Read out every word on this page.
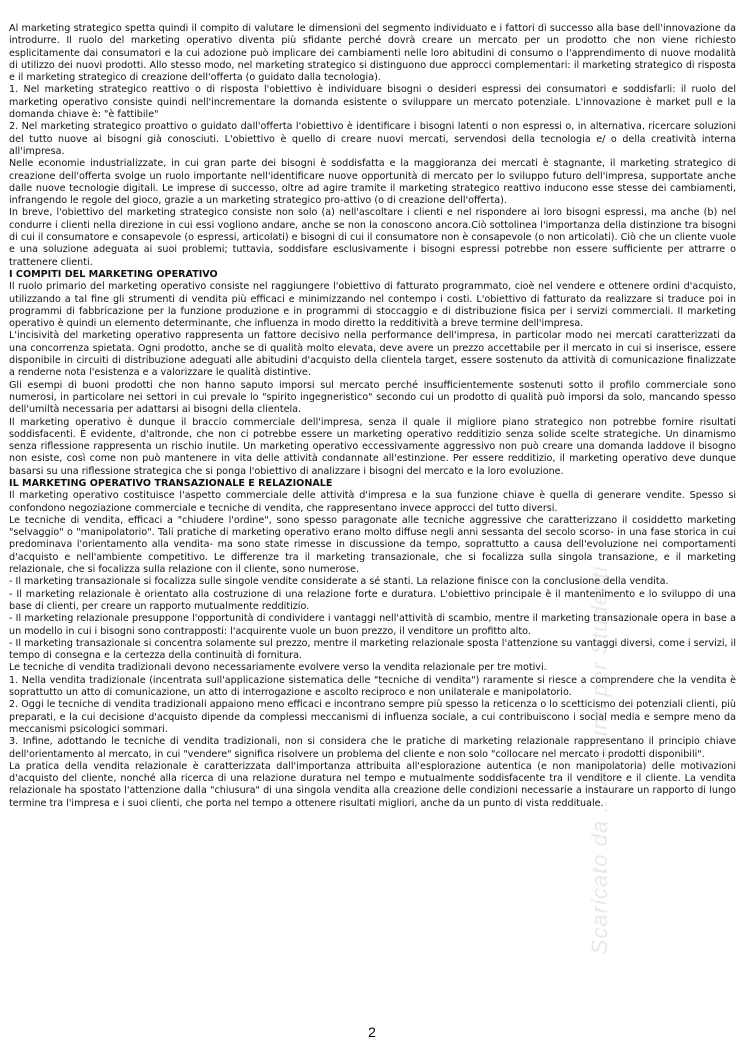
Al marketing strategico spetta quindi il compito di valutare le dimensioni del segmento individuato e i fattori di successo alla base dell'innovazione da introdurre. Il ruolo del marketing operativo diventa più sfidante perché dovrà creare un mercato per un prodotto che non viene richiesto esplicitamente dai consumatori e la cui adozione può implicare dei cambiamenti nelle loro abitudini di consumo o l'apprendimento di nuove modalità di utilizzo dei nuovi prodotti. Allo stesso modo, nel marketing strategico si distinguono due approcci complementari: il marketing strategico di risposta e il marketing strategico di creazione dell'offerta (o guidato dalla tecnologia).

1. Nel marketing strategico reattivo o di risposta l'obiettivo è individuare bisogni o desideri espressi dei consumatori e soddisfarli: il ruolo del marketing operativo consiste quindi nell'incrementare la domanda esistente o sviluppare un mercato potenziale. L'innovazione è market pull e la domanda chiave è: "è fattibile"

2. Nel marketing strategico proattivo o guidato dall'offerta l'obiettivo è identificare i bisogni latenti o non espressi o, in alternativa, ricercare soluzioni del tutto nuove ai bisogni già conosciuti. L'obiettivo è quello di creare nuovi mercati, servendosi della tecnologia e/ o della creatività interna all'impresa.

Nelle economie industrializzate, in cui gran parte dei bisogni è soddisfatta e la maggioranza dei mercati è stagnante, il marketing strategico di creazione dell'offerta svolge un ruolo importante nell'identificare nuove opportunità di mercato per lo sviluppo futuro dell'impresa, supportate anche dalle nuove tecnologie digitali. Le imprese di successo, oltre ad agire tramite il marketing strategico reattivo inducono esse stesse dei cambiamenti, infrangendo le regole del gioco, grazie a un marketing strategico pro-attivo (o di creazione dell'offerta).

In breve, l'obiettivo del marketing strategico consiste non solo (a) nell'ascoltare i clienti e nel rispondere ai loro bisogni espressi, ma anche (b) nel condurre i clienti nella direzione in cui essi vogliono andare, anche se non la conoscono ancora.Ciò sottolinea l'importanza della distinzione tra bisogni di cui il consumatore e consapevole (o espressi, articolati) e bisogni di cui il consumatore non è consapevole (o non articolati). Ciò che un cliente vuole e una soluzione adeguata ai suoi problemi; tuttavia, soddisfare esclusivamente i bisogni espressi potrebbe non essere sufficiente per attrarre o trattenere clienti.

I COMPITI DEL MARKETING OPERATIVO

Il ruolo primario del marketing operativo consiste nel raggiungere l'obiettivo di fatturato programmato, cioè nel vendere e ottenere ordini d'acquisto, utilizzando a tal fine gli strumenti di vendita più efficaci e minimizzando nel contempo i costi. L'obiettivo di fatturato da realizzare si traduce poi in programmi di fabbricazione per la funzione produzione e in programmi di stoccaggio e di distribuzione fisica per i servizi commerciali. Il marketing operativo è quindi un elemento determinante, che influenza in modo diretto la redditività a breve termine dell'impresa.

L'incisività del marketing operativo rappresenta un fattore decisivo nella performance dell'impresa, in particolar modo nei mercati caratterizzati da una concorrenza spietata. Ogni prodotto, anche se di qualità molto elevata, deve avere un prezzo accettabile per il mercato in cui si inserisce, essere disponibile in circuiti di distribuzione adeguati alle abitudini d'acquisto della clientela target, essere sostenuto da attività di comunicazione finalizzate a renderne nota l'esistenza e a valorizzare le qualità distintive.

Gli esempi di buoni prodotti che non hanno saputo imporsi sul mercato perché insufficientemente sostenuti sotto il profilo commerciale sono numerosi, in particolare nei settori in cui prevale lo "spirito ingegneristico" secondo cui un prodotto di qualità può imporsi da solo, mancando spesso dell'umiltà necessaria per adattarsi ai bisogni della clientela.

Il marketing operativo è dunque il braccio commerciale dell'impresa, senza il quale il migliore piano strategico non potrebbe fornire risultati soddisfacenti. È evidente, d'altronde, che non ci potrebbe essere un marketing operativo redditizio senza solide scelte strategiche. Un dinamismo senza riflessione rappresenta un rischio inutile. Un marketing operativo eccessivamente aggressivo non può creare una domanda laddove il bisogno non esiste, così come non può mantenere in vita delle attività condannate all'estinzione. Per essere redditizio, il marketing operativo deve dunque basarsi su una riflessione strategica che si ponga l'obiettivo di analizzare i bisogni del mercato e la loro evoluzione.

IL MARKETING OPERATIVO TRANSAZIONALE E RELAZIONALE

Il marketing operativo costituisce l'aspetto commerciale delle attività d'impresa e la sua funzione chiave è quella di generare vendite. Spesso si confondono negoziazione commerciale e tecniche di vendita, che rappresentano invece approcci del tutto diversi.

Le tecniche di vendita, efficaci a "chiudere l'ordine", sono spesso paragonate alle tecniche aggressive che caratterizzano il cosiddetto marketing "selvaggio" o "manipolatorio". Tali pratiche di marketing operativo erano molto diffuse negli anni sessanta del secolo scorso- in una fase storica in cui predominava l'orientamento alla vendita- ma sono state rimesse in discussione da tempo, soprattutto a causa dell'evoluzione nei comportamenti d'acquisto e nell'ambiente competitivo. Le differenze tra il marketing transazionale, che si focalizza sulla singola transazione, e il marketing relazionale, che si focalizza sulla relazione con il cliente, sono numerose.

- Il marketing transazionale si focalizza sulle singole vendite considerate a sé stanti. La relazione finisce con la conclusione della vendita.

- Il marketing relazionale è orientato alla costruzione di una relazione forte e duratura. L'obiettivo principale è il mantenimento e lo sviluppo di una base di clienti, per creare un rapporto mutualmente redditizio.

- Il marketing relazionale presuppone l'opportunità di condividere i vantaggi nell'attività di scambio, mentre il marketing transazionale opera in base a un modello in cui i bisogni sono contrapposti: l'acquirente vuole un buon prezzo, il venditore un profitto alto.

- Il marketing transazionale si concentra solamente sul prezzo, mentre il marketing relazionale sposta l'attenzione su vantaggi diversi, come i servizi, il tempo di consegna e la certezza della continuità di fornitura.

Le tecniche di vendita tradizionali devono necessariamente evolvere verso la vendita relazionale per tre motivi.

1. Nella vendita tradizionale (incentrata sull'applicazione sistematica delle "tecniche di vendita") raramente si riesce a comprendere che la vendita è soprattutto un atto di comunicazione, un atto di interrogazione e ascolto reciproco e non unilaterale e manipolatorio.

2. Oggi le tecniche di vendita tradizionali appaiono meno efficaci e incontrano sempre più spesso la reticenza o lo scetticismo dei potenziali clienti, più preparati, e la cui decisione d'acquisto dipende da complessi meccanismi di influenza sociale, a cui contribuiscono i social media e sempre meno da meccanismi psicologici sommari.

3. Infine, adottando le tecniche di vendita tradizionali, non si considera che le pratiche di marketing relazionale rappresentano il principio chiave dell'orientamento al mercato, in cui "vendere" significa risolvere un problema del cliente e non solo "collocare nel mercato i prodotti disponibili".

La pratica della vendita relazionale è caratterizzata dall'importanza attribuita all'esplorazione autentica (e non manipolatoria) delle motivazioni d'acquisto del cliente, nonché alla ricerca di una relazione duratura nel tempo e mutualmente soddisfacente tra il venditore e il cliente. La vendita relazionale ha spostato l'attenzione dalla "chiusura" di una singola vendita alla creazione delle condizioni necessarie a instaurare un rapporto di lungo termine tra l'impresa e i suoi clienti, che porta nel tempo a ottenere risultati migliori, anche da un punto di vista reddituale.

Scaricato da ... Appunti per Studenti
2
